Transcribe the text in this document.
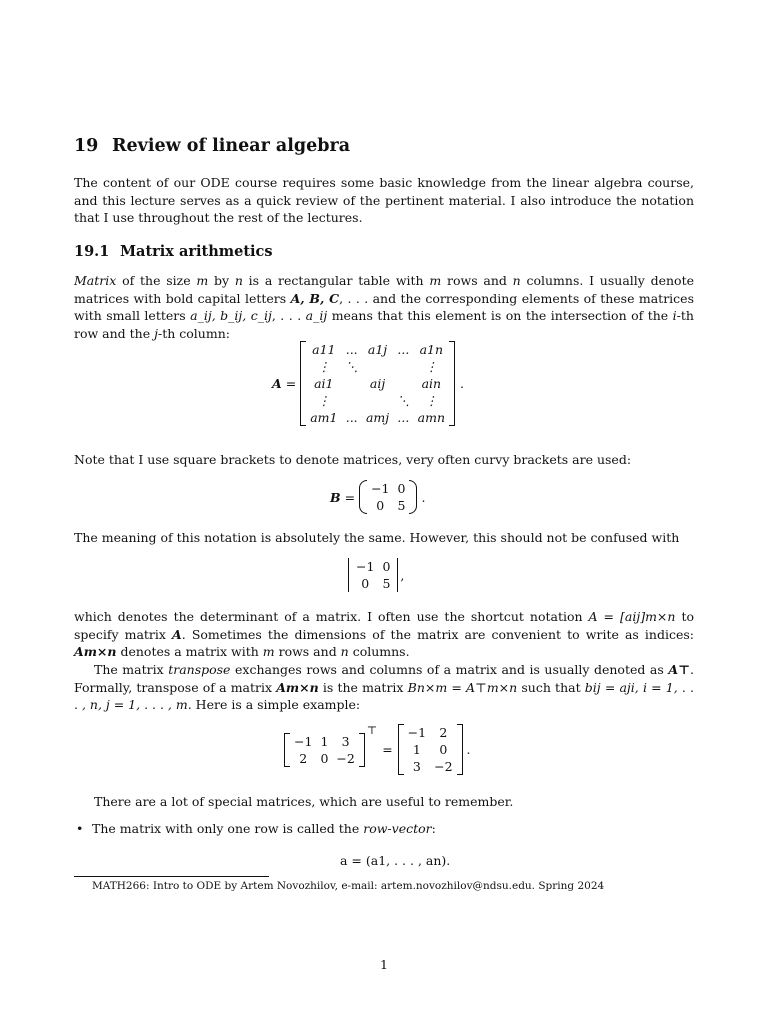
19 Review of linear algebra
The content of our ODE course requires some basic knowledge from the linear algebra course, and this lecture serves as a quick review of the pertinent material. I also introduce the notation that I use throughout the rest of the lectures.
19.1 Matrix arithmetics
Matrix of the size m by n is a rectangular table with m rows and n columns. I usually denote matrices with bold capital letters A, B, C, . . . and the corresponding elements of these matrices with small letters a_ij, b_ij, c_ij, . . . a_ij means that this element is on the intersection of the i-th row and the j-th column:
A =
a11	...	a1j	...	a1n
⋮	⋱			⋮
ai1		aij		ain
⋮			⋱	⋮
am1	...	amj	...	amn
.
Note that I use square brackets to denote matrices, very often curvy brackets are used:
B =
−1	0
0	5
.
The meaning of this notation is absolutely the same. However, this should not be confused with
−1	0
0	5
,
which denotes the determinant of a matrix. I often use the shortcut notation A = [aij]m×n to specify matrix A. Sometimes the dimensions of the matrix are convenient to write as indices: Am×n denotes a matrix with m rows and n columns.
The matrix transpose exchanges rows and columns of a matrix and is usually denoted as A⊤. Formally, transpose of a matrix Am×n is the matrix Bn×m = A⊤m×n such that bij = aji, i = 1, . . . , n, j = 1, . . . , m. Here is a simple example:
−1	1	3
2	0	−2
⊤
=
−1	2
1	0
3	−2
.
There are a lot of special matrices, which are useful to remember.
• The matrix with only one row is called the row-vector:
a = (a1, . . . , an).
MATH266: Intro to ODE by Artem Novozhilov, e-mail: artem.novozhilov@ndsu.edu. Spring 2024
1
